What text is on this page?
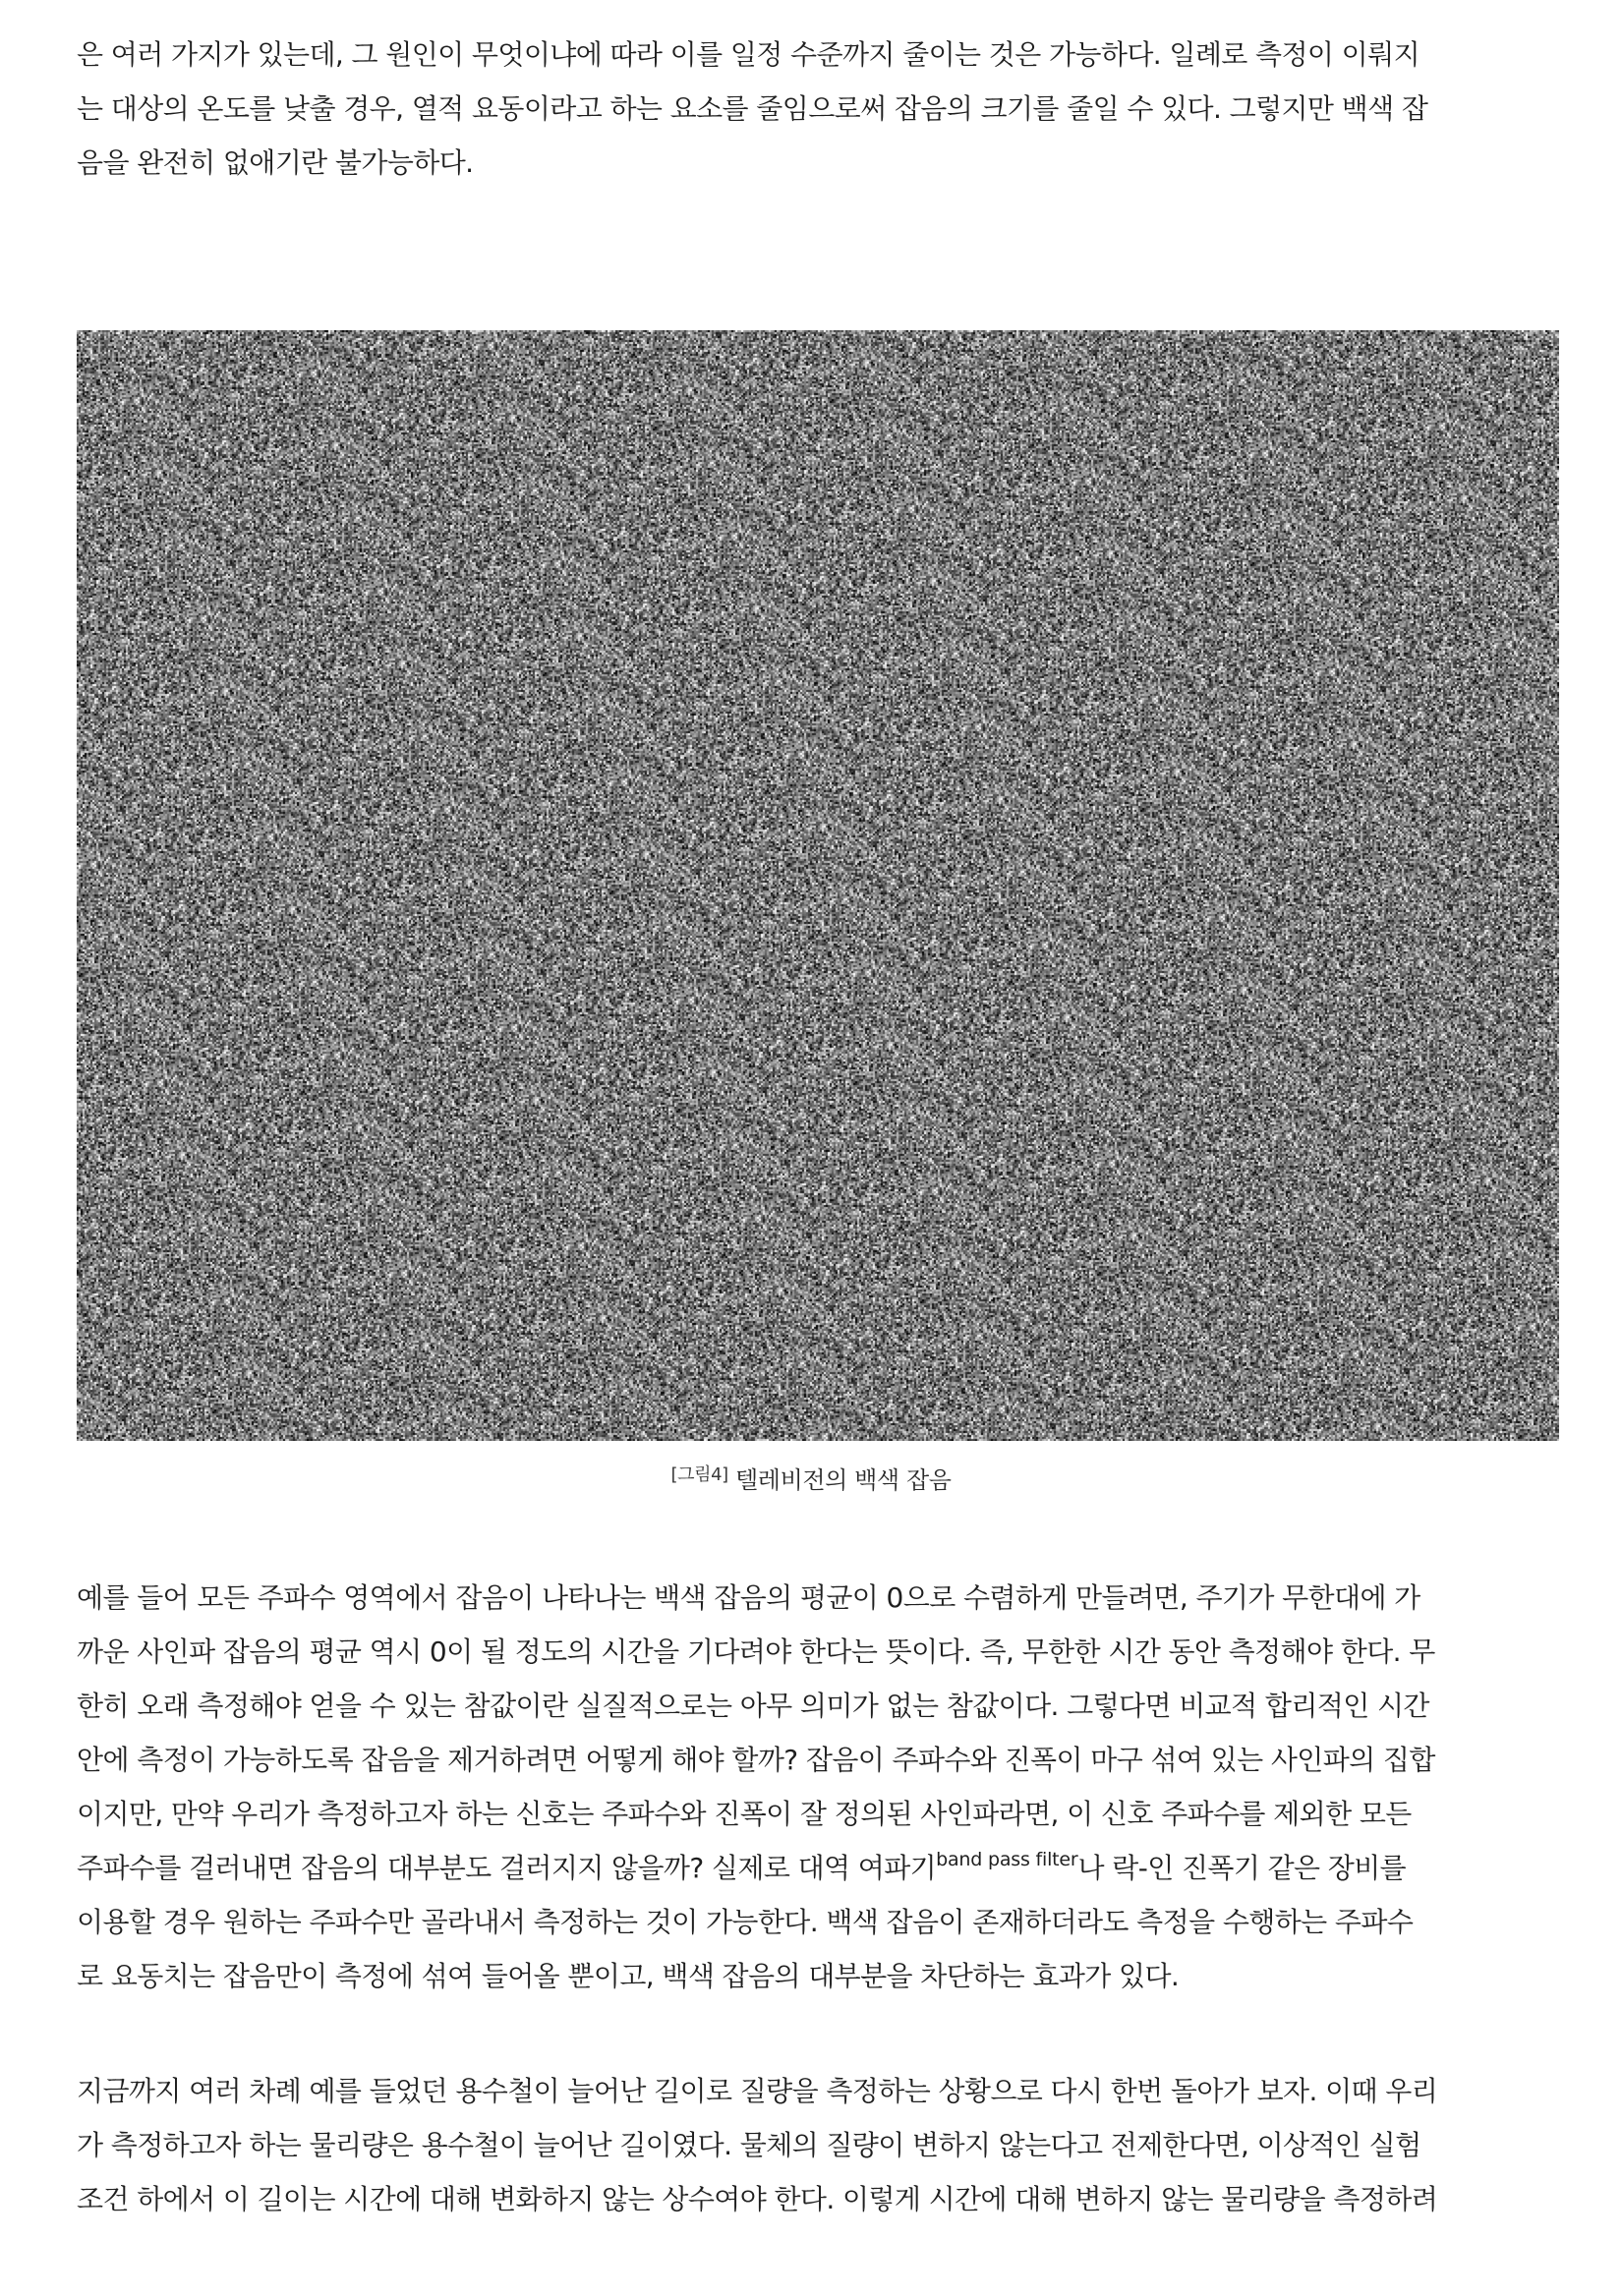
은 여러 가지가 있는데, 그 원인이 무엇이냐에 따라 이를 일정 수준까지 줄이는 것은 가능하다. 일례로 측정이 이뤄지
는 대상의 온도를 낮출 경우, 열적 요동이라고 하는 요소를 줄임으로써 잡음의 크기를 줄일 수 있다. 그렇지만 백색 잡
음을 완전히 없애기란 불가능하다.

[그림4] 텔레비전의 백색 잡음

예를 들어 모든 주파수 영역에서 잡음이 나타나는 백색 잡음의 평균이 0으로 수렴하게 만들려면, 주기가 무한대에 가
까운 사인파 잡음의 평균 역시 0이 될 정도의 시간을 기다려야 한다는 뜻이다. 즉, 무한한 시간 동안 측정해야 한다. 무
한히 오래 측정해야 얻을 수 있는 참값이란 실질적으로는 아무 의미가 없는 참값이다. 그렇다면 비교적 합리적인 시간
안에 측정이 가능하도록 잡음을 제거하려면 어떻게 해야 할까? 잡음이 주파수와 진폭이 마구 섞여 있는 사인파의 집합
이지만, 만약 우리가 측정하고자 하는 신호는 주파수와 진폭이 잘 정의된 사인파라면, 이 신호 주파수를 제외한 모든
주파수를 걸러내면 잡음의 대부분도 걸러지지 않을까? 실제로 대역 여파기$^{band pass filter}$나 락-인 진폭기 같은 장비를
이용할 경우 원하는 주파수만 골라내서 측정하는 것이 가능한다. 백색 잡음이 존재하더라도 측정을 수행하는 주파수
로 요동치는 잡음만이 측정에 섞여 들어올 뿐이고, 백색 잡음의 대부분을 차단하는 효과가 있다.

지금까지 여러 차례 예를 들었던 용수철이 늘어난 길이로 질량을 측정하는 상황으로 다시 한번 돌아가 보자. 이때 우리
가 측정하고자 하는 물리량은 용수철이 늘어난 길이였다. 물체의 질량이 변하지 않는다고 전제한다면, 이상적인 실험
조건 하에서 이 길이는 시간에 대해 변화하지 않는 상수여야 한다. 이렇게 시간에 대해 변하지 않는 물리량을 측정하려
